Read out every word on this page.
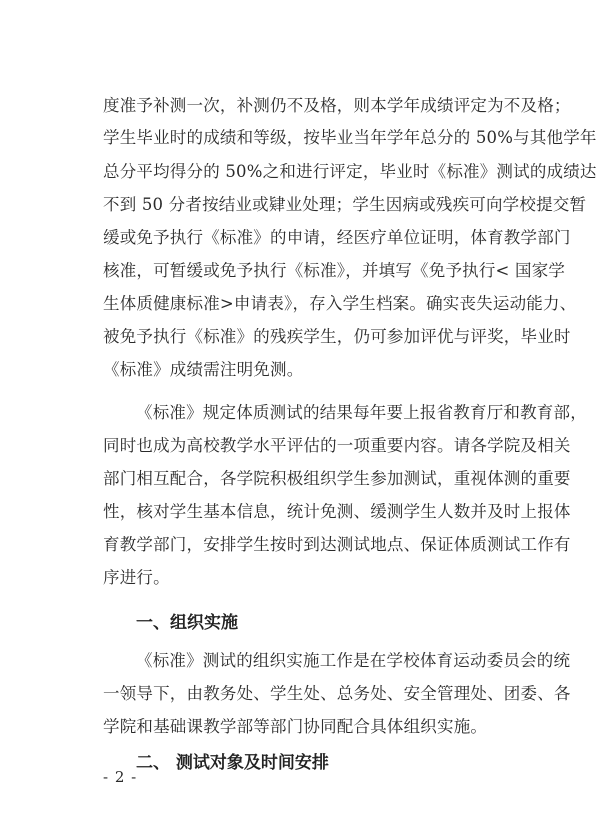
度准予补测一次，补测仍不及格，则本学年成绩评定为不及格；
学生毕业时的成绩和等级，按毕业当年学年总分的 50%与其他学年
总分平均得分的 50%之和进行评定，毕业时《标准》测试的成绩达
不到 50 分者按结业或肄业处理；学生因病或残疾可向学校提交暂
缓或免予执行《标准》的申请，经医疗单位证明，体育教学部门
核准，可暂缓或免予执行《标准》，并填写《免予执行< 国家学
生体质健康标准>申请表》，存入学生档案。确实丧失运动能力、
被免予执行《标准》的残疾学生，仍可参加评优与评奖，毕业时
《标准》成绩需注明免测。
《标准》规定体质测试的结果每年要上报省教育厅和教育部，
同时也成为高校教学水平评估的一项重要内容。请各学院及相关
部门相互配合，各学院积极组织学生参加测试，重视体测的重要
性，核对学生基本信息，统计免测、缓测学生人数并及时上报体
育教学部门，安排学生按时到达测试地点、保证体质测试工作有
序进行。
一、组织实施
《标准》测试的组织实施工作是在学校体育运动委员会的统
一领导下，由教务处、学生处、总务处、安全管理处、团委、各
学院和基础课教学部等部门协同配合具体组织实施。
二、 测试对象及时间安排
- 2 -
